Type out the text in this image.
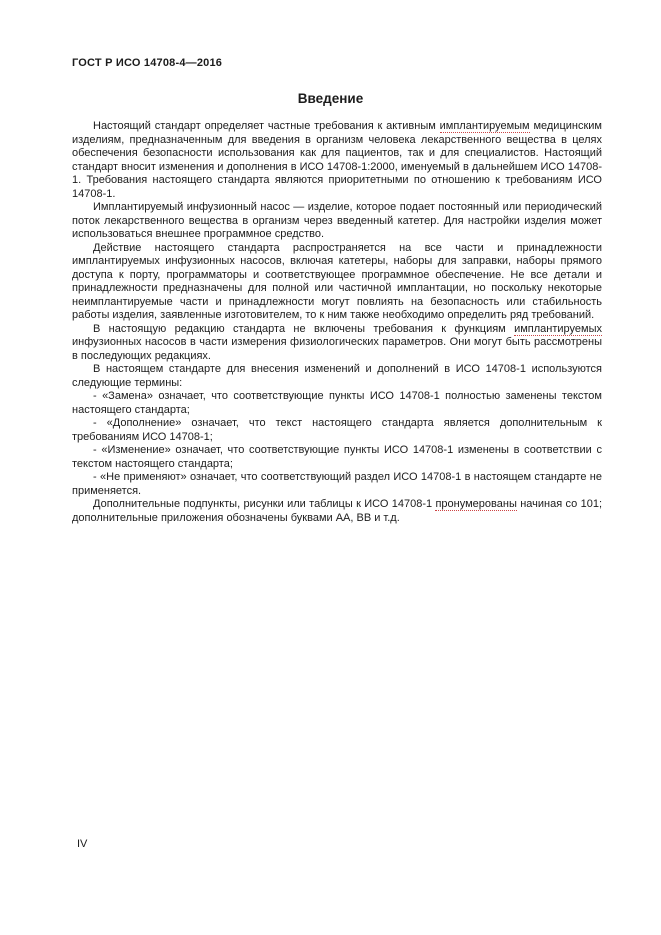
ГОСТ Р ИСО 14708-4—2016
Введение

Настоящий стандарт определяет частные требования к активным имплантируемым медицинским изделиям, предназначенным для введения в организм человека лекарственного вещества в целях обеспечения безопасности использования как для пациентов, так и для специалистов. Настоящий стандарт вносит изменения и дополнения в ИСО 14708-1:2000, именуемый в дальнейшем ИСО 14708-1. Требования настоящего стандарта являются приоритетными по отношению к требованиям ИСО 14708-1.

Имплантируемый инфузионный насос — изделие, которое подает постоянный или периодический поток лекарственного вещества в организм через введенный катетер. Для настройки изделия может использоваться внешнее программное средство.

Действие настоящего стандарта распространяется на все части и принадлежности имплантируемых инфузионных насосов, включая катетеры, наборы для заправки, наборы прямого доступа к порту, программаторы и соответствующее программное обеспечение. Не все детали и принадлежности предназначены для полной или частичной имплантации, но поскольку некоторые неимплантируемые части и принадлежности могут повлиять на безопасность или стабильность работы изделия, заявленные изготовителем, то к ним также необходимо определить ряд требований.

В настоящую редакцию стандарта не включены требования к функциям имплантируемых инфузионных насосов в части измерения физиологических параметров. Они могут быть рассмотрены в последующих редакциях.

В настоящем стандарте для внесения изменений и дополнений в ИСО 14708-1 используются следующие термины:

- «Замена» означает, что соответствующие пункты ИСО 14708-1 полностью заменены текстом настоящего стандарта;

- «Дополнение» означает, что текст настоящего стандарта является дополнительным к требованиям ИСО 14708-1;

- «Изменение» означает, что соответствующие пункты ИСО 14708-1 изменены в соответствии с текстом настоящего стандарта;

- «Не применяют» означает, что соответствующий раздел ИСО 14708-1 в настоящем стандарте не применяется.

Дополнительные подпункты, рисунки или таблицы к ИСО 14708-1 пронумерованы начиная со 101; дополнительные приложения обозначены буквами АА, ВВ и т.д.

IV
